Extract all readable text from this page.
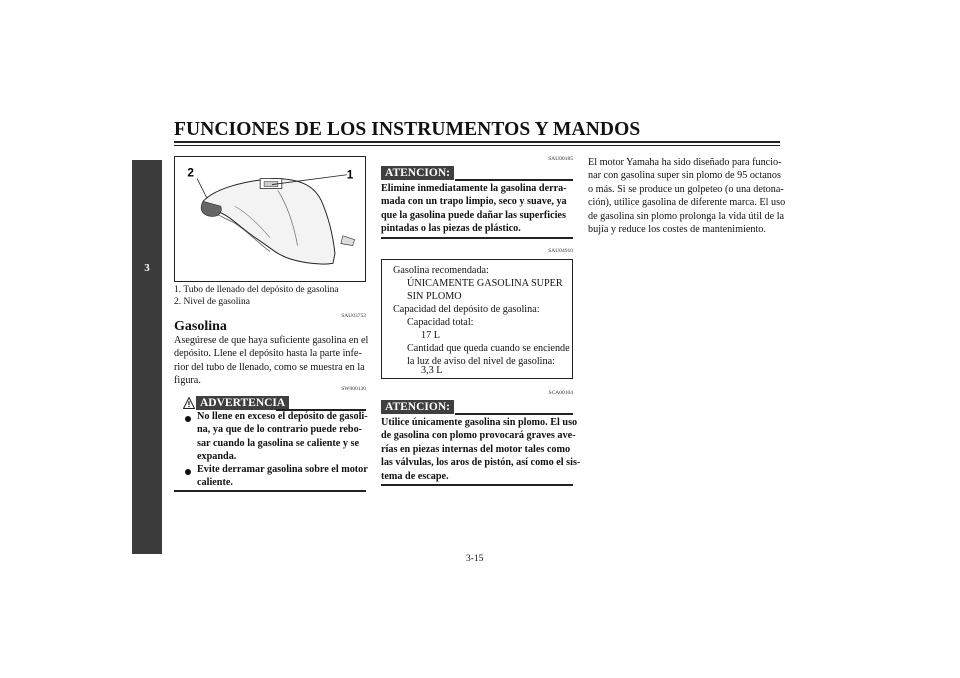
FUNCIONES DE LOS INSTRUMENTOS Y MANDOS
3
2	1
1. Tubo de llenado del depósito de gasolina
2. Nivel de gasolina
SAU03753
Gasolina
Asegúrese de que haya suficiente gasolina en el
depósito. Llene el depósito hasta la parte infe-
rior del tubo de llenado, como se muestra en la
figura.
SW000130
ADVERTENCIA
No llene en exceso el depósito de gasoli-
na, ya que de lo contrario puede rebo-
sar cuando la gasolina se caliente y se
expanda.
Evite derramar gasolina sobre el motor
caliente.
SAU00185
ATENCION:
Elimine inmediatamente la gasolina derra-
mada con un trapo limpio, seco y suave, ya
que la gasolina puede dañar las superficies
pintadas o las piezas de plástico.
SAU04910
Gasolina recomendada:
ÚNICAMENTE GASOLINA SUPER
SIN PLOMO
Capacidad del depósito de gasolina:
Capacidad total:
17 L
Cantidad que queda cuando se enciende
la luz de aviso del nivel de gasolina:
3,3 L
SCA00104
ATENCION:
Utilice únicamente gasolina sin plomo. El uso
de gasolina con plomo provocará graves ave-
rías en piezas internas del motor tales como
las válvulas, los aros de pistón, así como el sis-
tema de escape.
El motor Yamaha ha sido diseñado para funcio-
nar con gasolina super sin plomo de 95 octanos
o más. Si se produce un golpeteo (o una detona-
ción), utilice gasolina de diferente marca. El uso
de gasolina sin plomo prolonga la vida útil de la
bujía y reduce los costes de mantenimiento.
3-15
